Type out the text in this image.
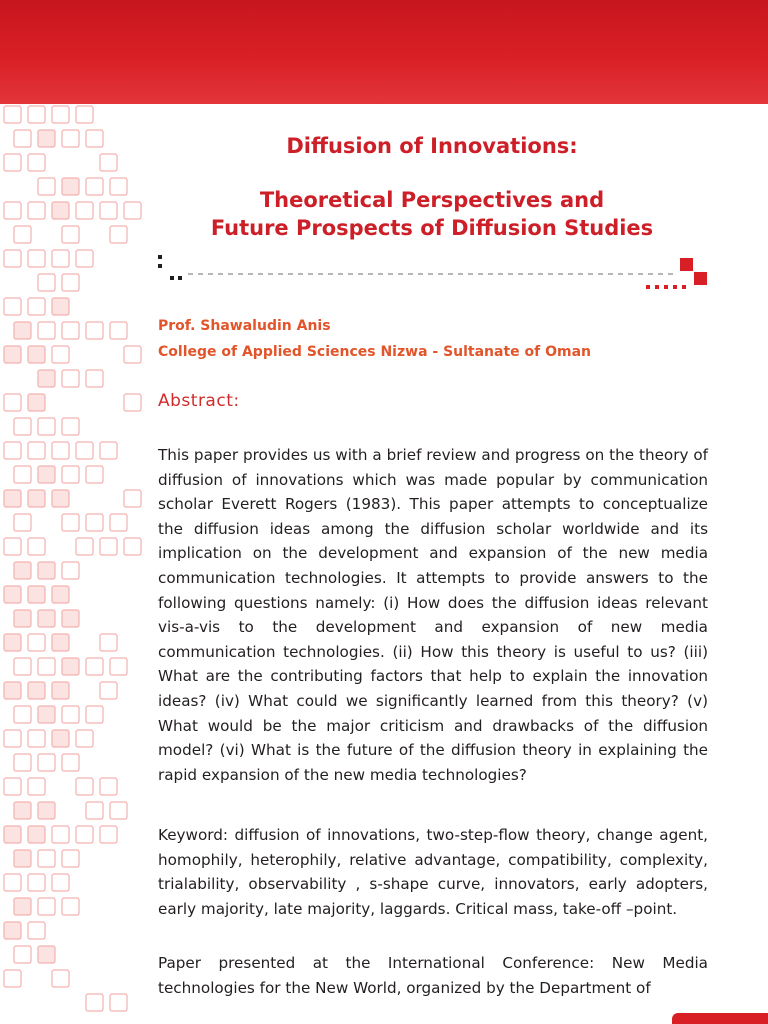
Diffusion of Innovations:
Theoretical Perspectives and
Future Prospects of Diffusion Studies
Prof. Shawaludin Anis
College of Applied Sciences Nizwa - Sultanate of Oman
Abstract:
This paper provides us with a brief review and progress on the theory of diffusion of innovations which was made popular by communication scholar Everett Rogers (1983). This paper attempts to conceptualize the diffusion ideas among the diffusion scholar worldwide and its implication on the development and expansion of the new media communication technologies. It attempts to provide answers to the following questions namely: (i) How does the diffusion ideas relevant vis-a-vis to the development and expansion of new media communication technologies. (ii) How this theory is useful to us? (iii) What are the contributing factors that help to explain the innovation ideas? (iv) What could we significantly learned from this theory? (v) What would be the major criticism and drawbacks of the diffusion model? (vi) What is the future of the diffusion theory in explaining the rapid expansion of the new media technologies?
Keyword: diffusion of innovations, two-step-flow theory, change agent, homophily, heterophily, relative advantage, compatibility, complexity, trialability, observability , s-shape curve, innovators, early adopters, early majority, late majority, laggards. Critical mass, take-off –point.
Paper presented at the International Conference: New Media technologies for the New World, organized by the Department of
